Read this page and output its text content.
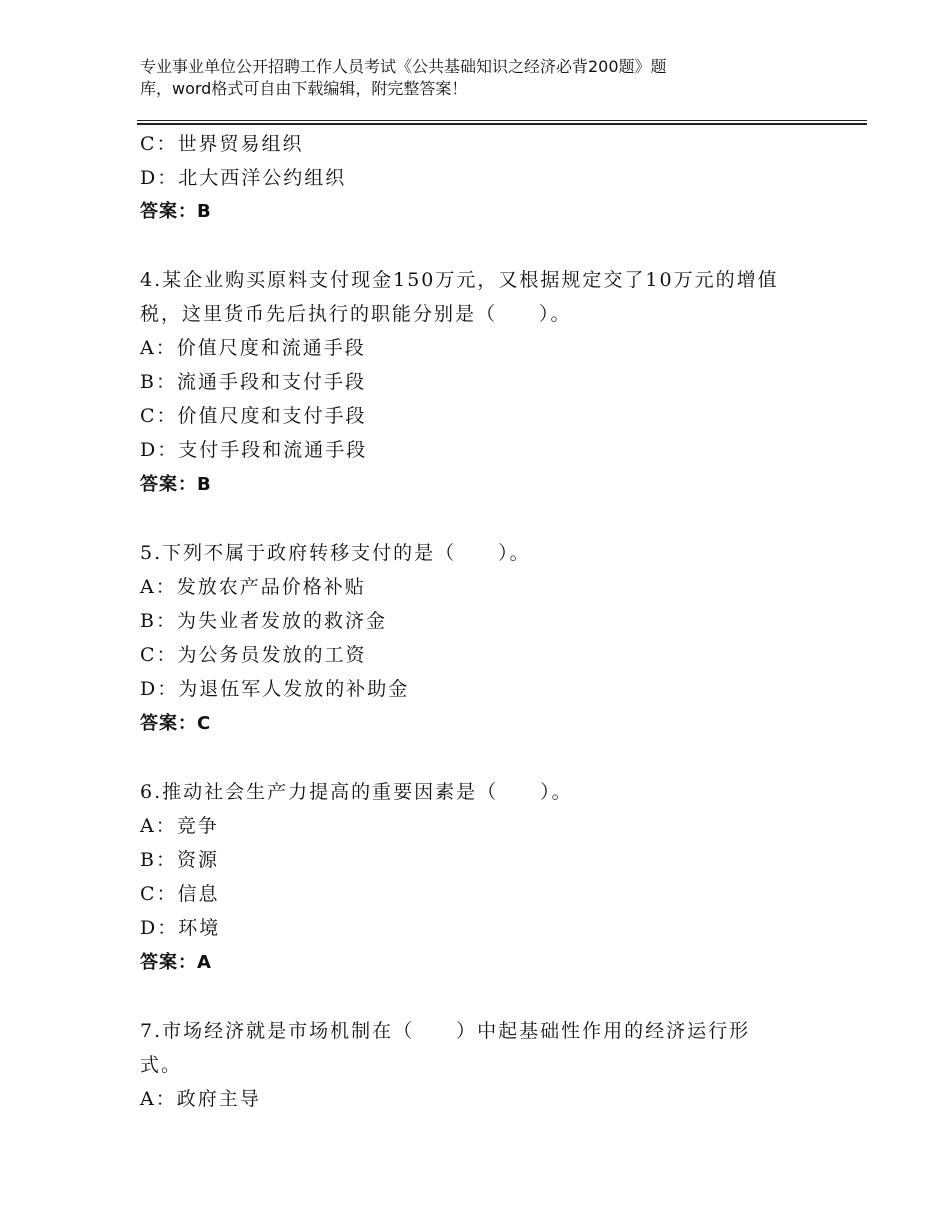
专业事业单位公开招聘工作人员考试《公共基础知识之经济必背200题》题
库，word格式可自由下载编辑，附完整答案！
C：世界贸易组织
D：北大西洋公约组织
答案：B
4.某企业购买原料支付现金150万元，又根据规定交了10万元的增值
税，这里货币先后执行的职能分别是（　　）。
A：价值尺度和流通手段
B：流通手段和支付手段
C：价值尺度和支付手段
D：支付手段和流通手段
答案：B
5.下列不属于政府转移支付的是（　　）。
A：发放农产品价格补贴
B：为失业者发放的救济金
C：为公务员发放的工资
D：为退伍军人发放的补助金
答案：C
6.推动社会生产力提高的重要因素是（　　）。
A：竞争
B：资源
C：信息
D：环境
答案：A
7.市场经济就是市场机制在（　　）中起基础性作用的经济运行形
式。
A：政府主导
